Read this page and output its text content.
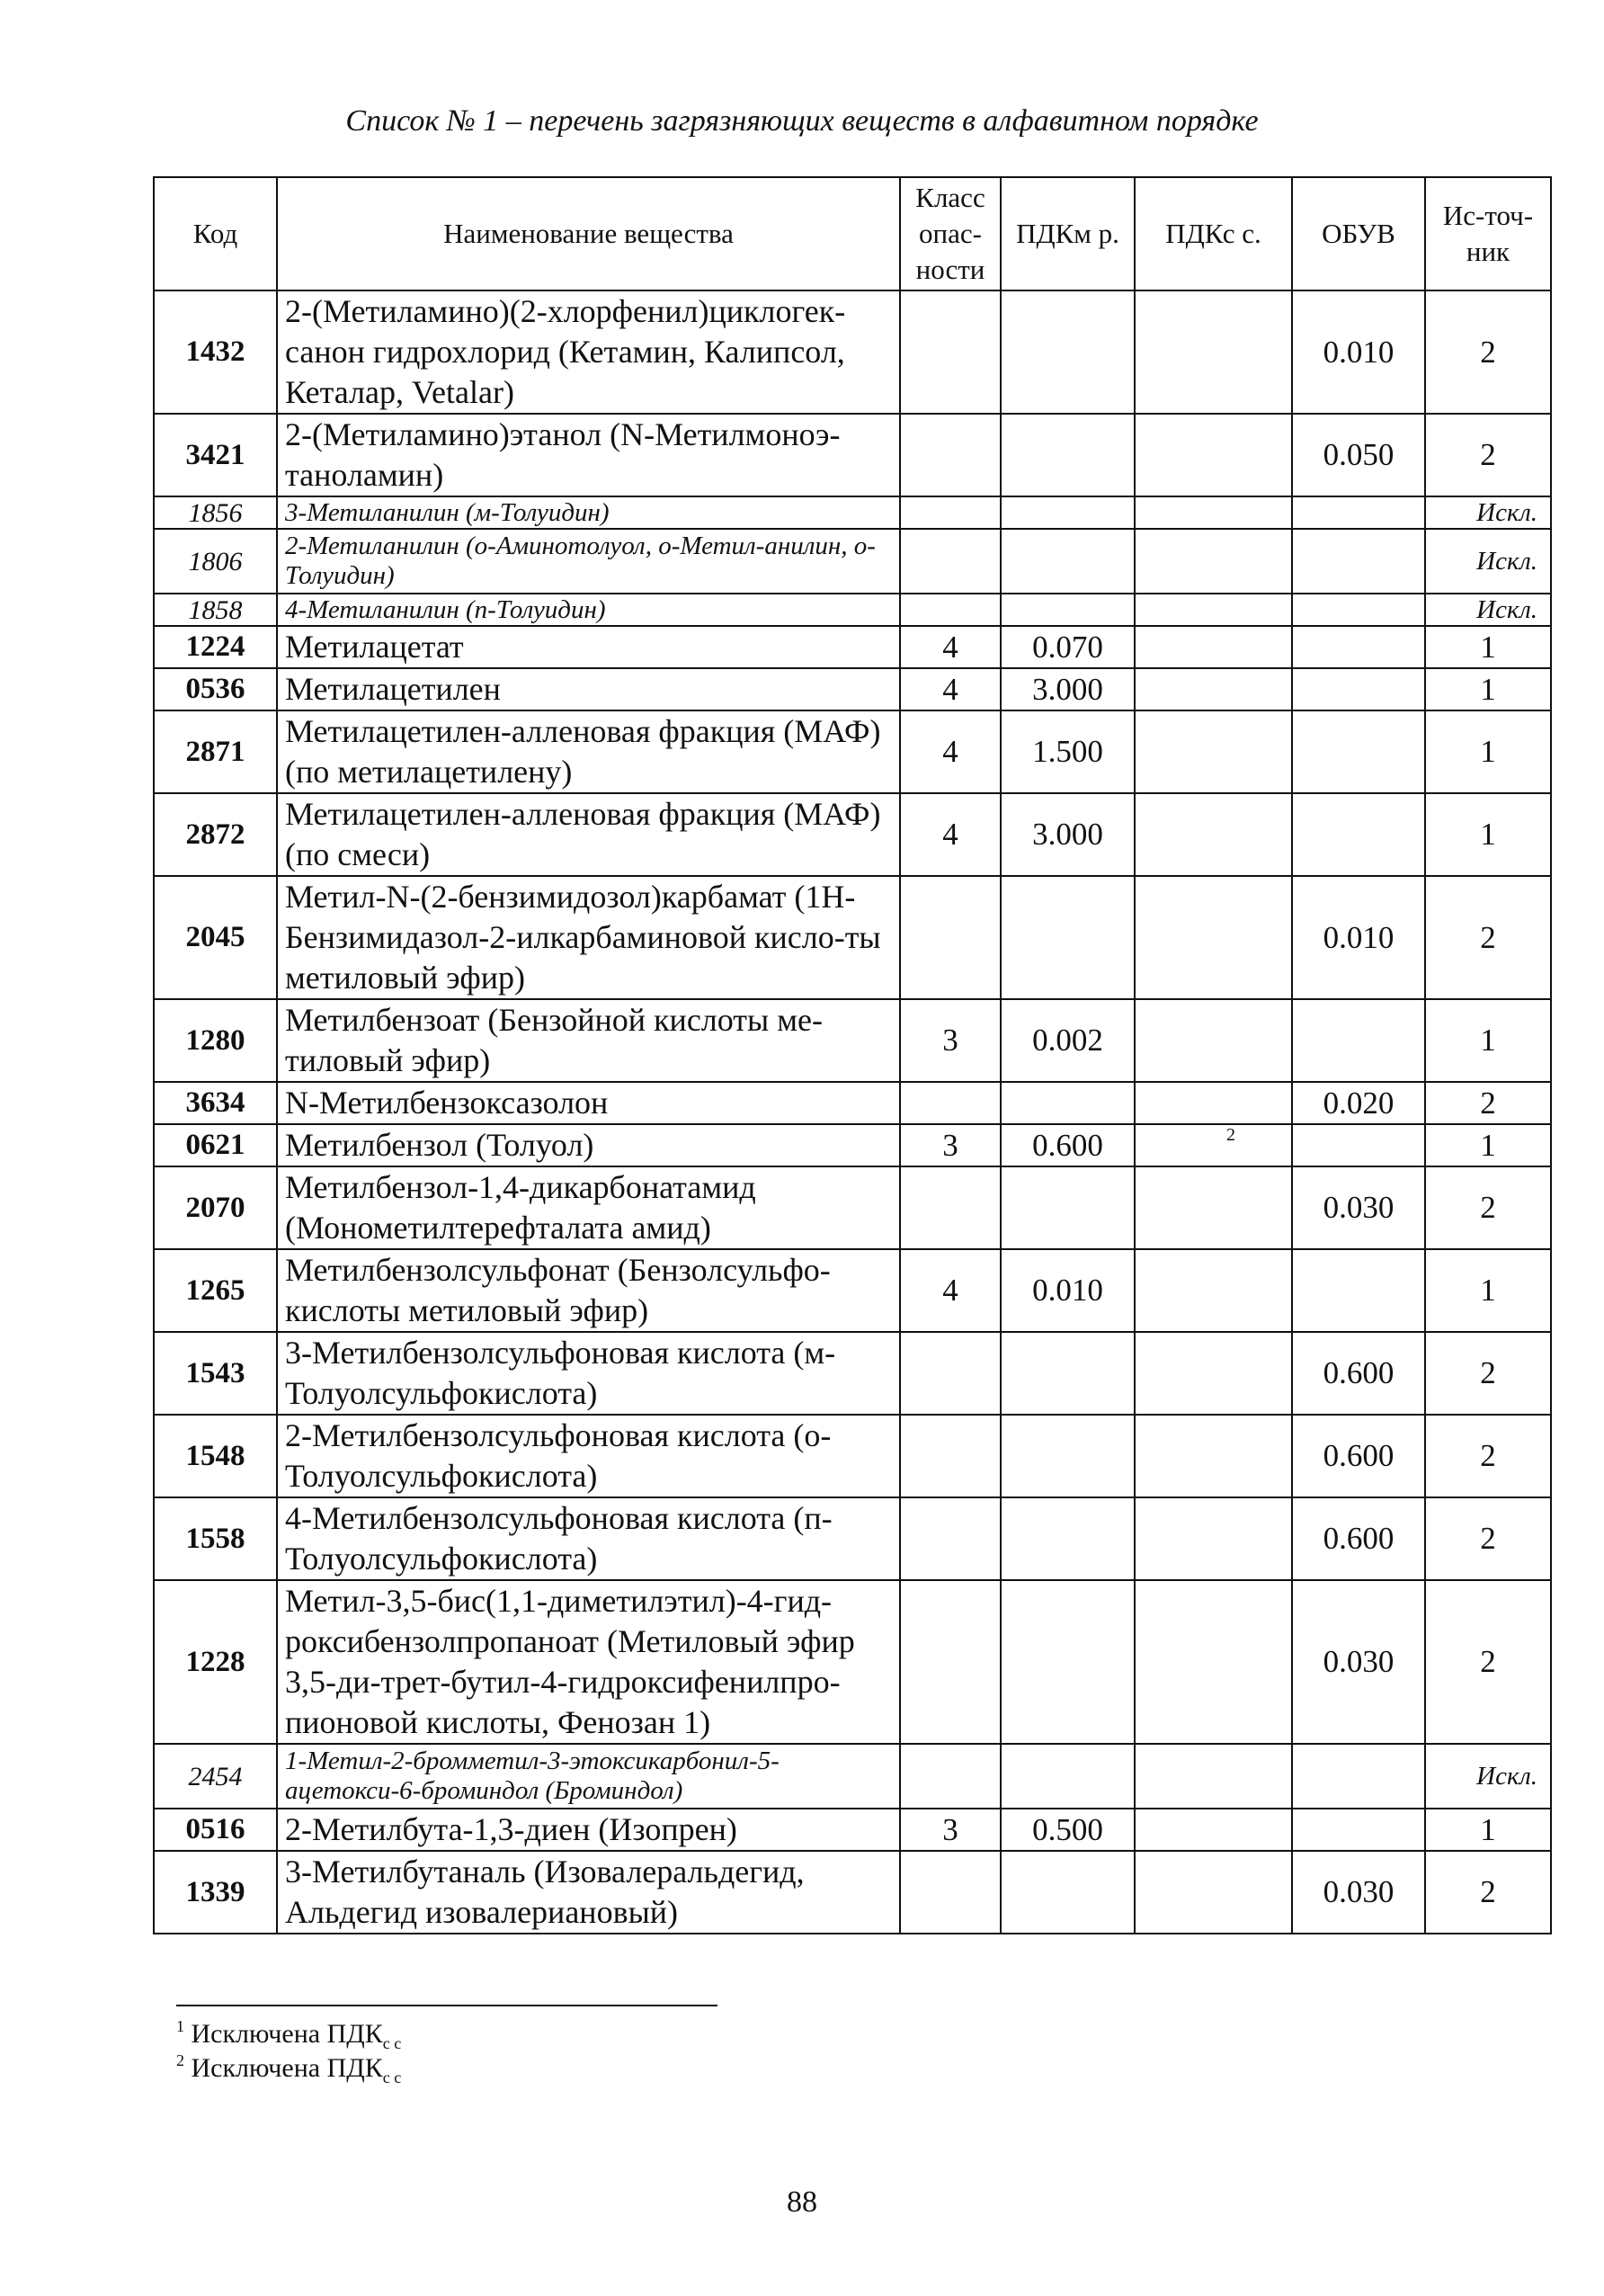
Список № 1 – перечень загрязняющих веществ в алфавитном порядке
Код	Наименование вещества	Класс опас-ности	ПДКм р.	ПДКс с.	ОБУВ	Ис-точ-ник
1432	2-(Метиламино)(2-хлорфенил)циклогек-санон гидрохлорид (Кетамин, Калипсол, Кеталар, Vetalar)				0.010	2
3421	2-(Метиламино)этанол (N-Метилмоноэ-таноламин)				0.050	2
1856	3-Метиланилин (м-Толуидин)					Искл.
1806	2-Метиланилин (о-Аминотолуол, о-Метил-анилин, о-Толуидин)					Искл.
1858	4-Метиланилин (п-Толуидин)					Искл.
1224	Метилацетат	4	0.070			1
0536	Метилацетилен	4	3.000			1
2871	Метилацетилен-алленовая фракция (МАФ) (по метилацетилену)	4	1.500			1
2872	Метилацетилен-алленовая фракция (МАФ) (по смеси)	4	3.000			1
2045	Метил-N-(2-бензимидозол)карбамат (1Н-Бензимидазол-2-илкарбаминовой кисло-ты метиловый эфир)				0.010	2
1280	Метилбензоат (Бензойной кислоты ме-тиловый эфир)	3	0.002			1
3634	N-Метилбензоксазолон				0.020	2
0621	Метилбензол (Толуол)	3	0.600	2		1
2070	Метилбензол-1,4-дикарбонатамид (Монометилтерефталата амид)				0.030	2
1265	Метилбензолсульфонат (Бензолсульфо-кислоты метиловый эфир)	4	0.010			1
1543	3-Метилбензолсульфоновая кислота (м-Толуолсульфокислота)				0.600	2
1548	2-Метилбензолсульфоновая кислота (о-Толуолсульфокислота)				0.600	2
1558	4-Метилбензолсульфоновая кислота (п-Толуолсульфокислота)				0.600	2
1228	Метил-3,5-бис(1,1-диметилэтил)-4-гид-роксибензолпропаноат (Метиловый эфир 3,5-ди-трет-бутил-4-гидроксифенилпро-пионовой кислоты, Фенозан 1)				0.030	2
2454	1-Метил-2-бромметил-3-этоксикарбонил-5-ацетокси-6-броминдол (Броминдол)					Искл.
0516	2-Метилбута-1,3-диен (Изопрен)	3	0.500			1
1339	3-Метилбутаналь (Изовалеральдегид, Альдегид изовалериановый)				0.030	2
$^1$ Исключена $ПДК_{с с}$
$^2$ Исключена $ПДК_{с с}$
88
